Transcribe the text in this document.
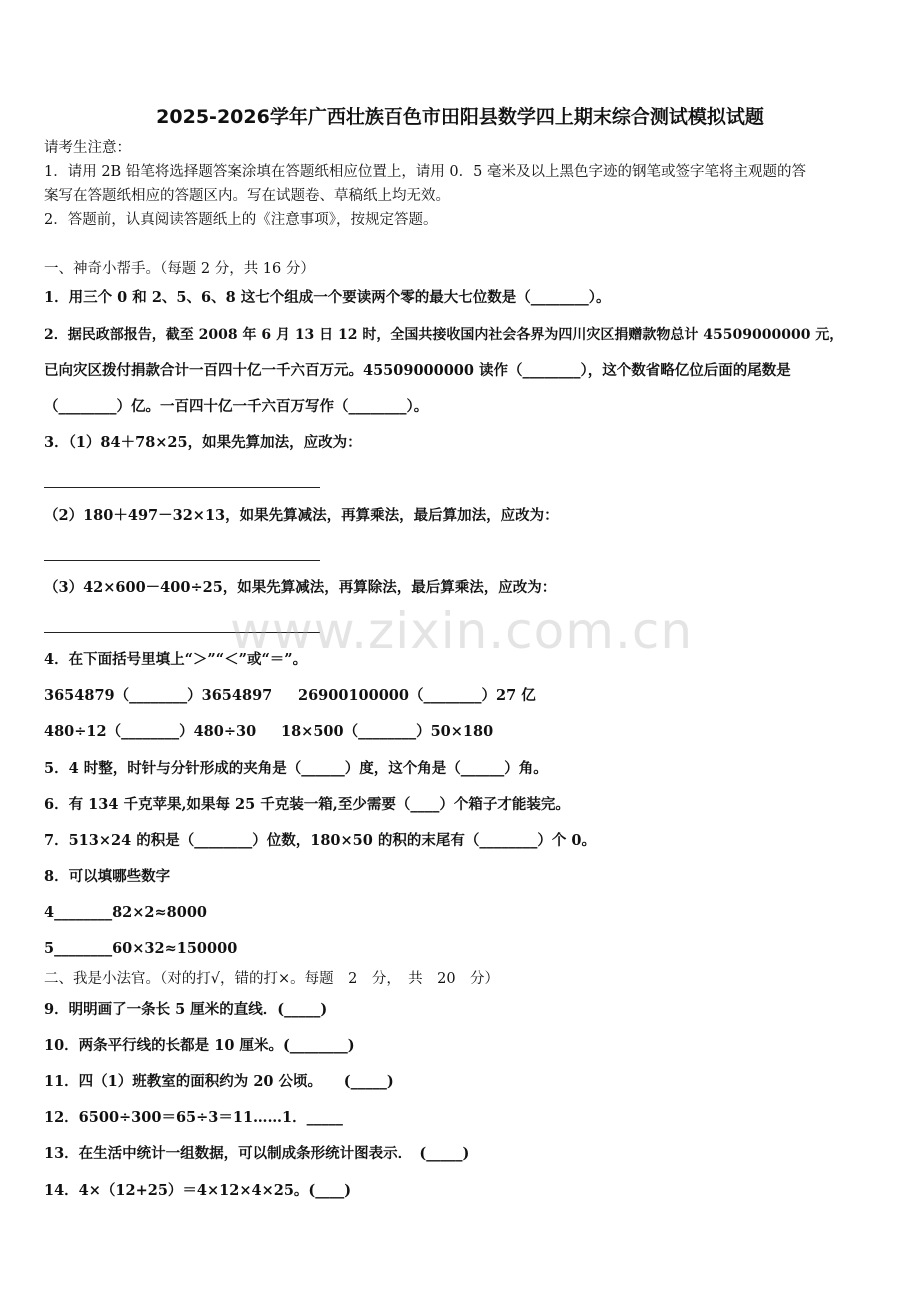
2025-2026学年广西壮族百色市田阳县数学四上期末综合测试模拟试题
请考生注意：
1．请用 2B 铅笔将选择题答案涂填在答题纸相应位置上，请用 0．5 毫米及以上黑色字迹的钢笔或签字笔将主观题的答
案写在答题纸相应的答题区内。写在试题卷、草稿纸上均无效。
2．答题前，认真阅读答题纸上的《注意事项》，按规定答题。
一、神奇小帮手。（每题 2 分，共 16 分）
1．用三个 0 和 2、5、6、8 这七个组成一个要读两个零的最大七位数是（________）。
2．据民政部报告，截至 2008 年 6 月 13 日 12 时，全国共接收国内社会各界为四川灾区捐赠款物总计 45509000000 元，
已向灾区拨付捐款合计一百四十亿一千六百万元。45509000000 读作（________），这个数省略亿位后面的尾数是
（________）亿。一百四十亿一千六百万写作（________）。
3．（1）84＋78×25，如果先算加法，应改为：
（2）180＋497－32×13，如果先算减法，再算乘法，最后算加法，应改为：
（3）42×600－400÷25，如果先算减法，再算除法，最后算乘法，应改为：
www.zixin.com.cn
4．在下面括号里填上“＞”“＜”或“＝”。
3654879（________）3654897 26900100000（________）27 亿
480÷12（________）480÷30 18×500（________）50×180
5．4 时整，时针与分针形成的夹角是（______）度，这个角是（______）角。
6．有 134 千克苹果,如果每 25 千克装一箱,至少需要（____）个箱子才能装完。
7．513×24 的积是（________）位数，180×50 的积的末尾有（________）个 0。
8．可以填哪些数字
4________82×2≈8000
5________60×32≈150000
二、我是小法官。（对的打√，错的打×。每题　2　分，　共　20　分）
9．明明画了一条长 5 厘米的直线．(_____)
10．两条平行线的长都是 10 厘米。(________)
11．四（1）班教室的面积约为 20 公顷。　　(_____)
12．6500÷300＝65÷3＝11……1．_____
13．在生活中统计一组数据，可以制成条形统计图表示．　(_____)
14．4×（12+25）＝4×12×4×25。(____)
